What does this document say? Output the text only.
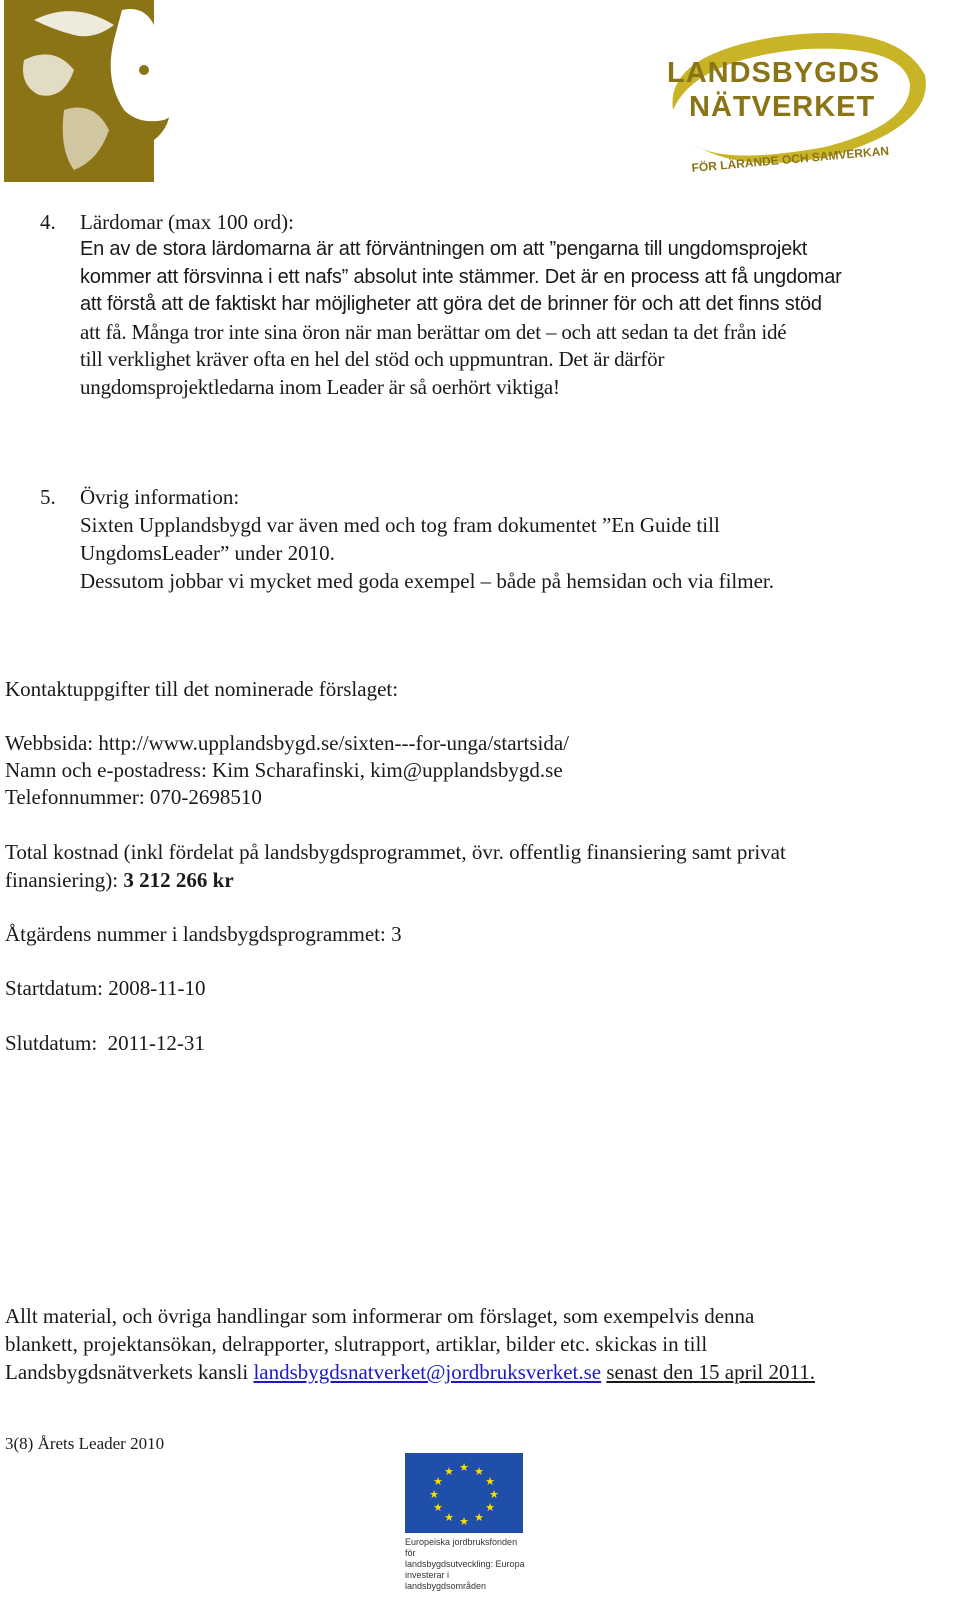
LANDSBYGDS
NÄTVERKET
FÖR LÄRANDE OCH SAMVERKAN
4. Lärdomar (max 100 ord):
En av de stora lärdomarna är att förväntningen om att ”pengarna till ungdomsprojekt
kommer att försvinna i ett nafs” absolut inte stämmer. Det är en process att få ungdomar
att förstå att de faktiskt har möjligheter att göra det de brinner för och att det finns stöd
att få. Många tror inte sina öron när man berättar om det – och att sedan ta det från idé
till verklighet kräver ofta en hel del stöd och uppmuntran. Det är därför
ungdomsprojektledarna inom Leader är så oerhört viktiga!
5. Övrig information:
Sixten Upplandsbygd var även med och tog fram dokumentet ”En Guide till
UngdomsLeader” under 2010.
Dessutom jobbar vi mycket med goda exempel – både på hemsidan och via filmer.
Kontaktuppgifter till det nominerade förslaget:
Webbsida: http://www.upplandsbygd.se/sixten---for-unga/startsida/
Namn och e-postadress: Kim Scharafinski, kim@upplandsbygd.se
Telefonnummer: 070-2698510
Total kostnad (inkl fördelat på landsbygdsprogrammet, övr. offentlig finansiering samt privat
finansiering): 3 212 266 kr
Åtgärdens nummer i landsbygdsprogrammet: 3
Startdatum: 2008-11-10
Slutdatum:  2011-12-31
Allt material, och övriga handlingar som informerar om förslaget, som exempelvis denna
blankett, projektansökan, delrapporter, slutrapport, artiklar, bilder etc. skickas in till
Landsbygdsnätverkets kansli landsbygdsnatverket@jordbruksverket.se senast den 15 april 2011.
3(8) Årets Leader 2010
★ ★
★
★
★
★
★
★
★
★
★
★
Europeiska jordbruksfonden för
landsbygdsutveckling: Europa
investerar i landsbygdsområden
